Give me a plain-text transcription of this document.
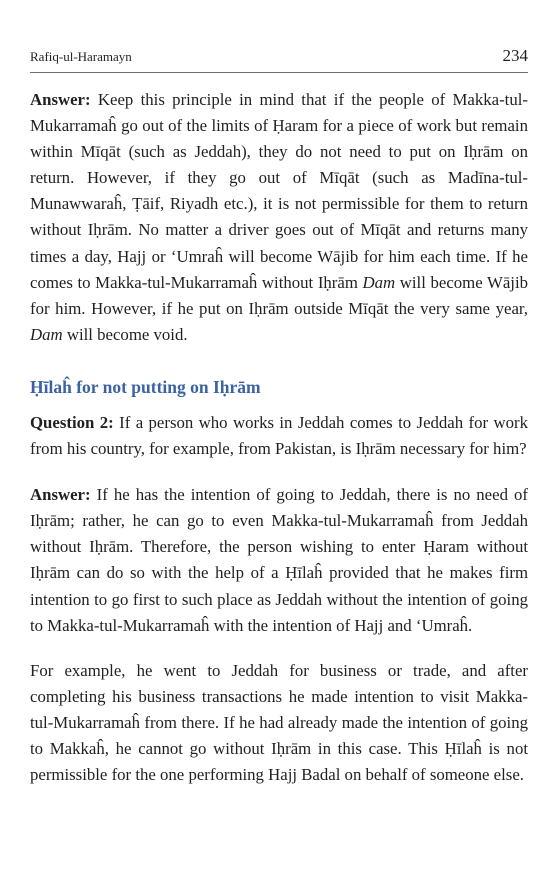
Rafiq-ul-Haramayn	234

Answer: Keep this principle in mind that if the people of Makka-tul-Mukarramaĥ go out of the limits of Ḥaram for a piece of work but remain within Mīqāt (such as Jeddah), they do not need to put on Iḥrām on return. However, if they go out of Mīqāt (such as Madīna-tul-Munawwaraĥ, Ṭāif, Riyadh etc.), it is not permissible for them to return without Iḥrām. No matter a driver goes out of Mīqāt and returns many times a day, Hajj or ‘Umraĥ will become Wājib for him each time. If he comes to Makka-tul-Mukarramaĥ without Iḥrām Dam will become Wājib for him. However, if he put on Iḥrām outside Mīqāt the very same year, Dam will become void.

Ḥīlaĥ for not putting on Iḥrām

Question 2: If a person who works in Jeddah comes to Jeddah for work from his country, for example, from Pakistan, is Iḥrām necessary for him?

Answer: If he has the intention of going to Jeddah, there is no need of Iḥrām; rather, he can go to even Makka-tul-Mukarramaĥ from Jeddah without Iḥrām. Therefore, the person wishing to enter Ḥaram without Iḥrām can do so with the help of a Ḥīlaĥ provided that he makes firm intention to go first to such place as Jeddah without the intention of going to Makka-tul-Mukarramaĥ with the intention of Hajj and ‘Umraĥ.

For example, he went to Jeddah for business or trade, and after completing his business transactions he made intention to visit Makka-tul-Mukarramaĥ from there. If he had already made the intention of going to Makkaĥ, he cannot go without Iḥrām in this case. This Ḥīlaĥ is not permissible for the one performing Hajj Badal on behalf of someone else.
